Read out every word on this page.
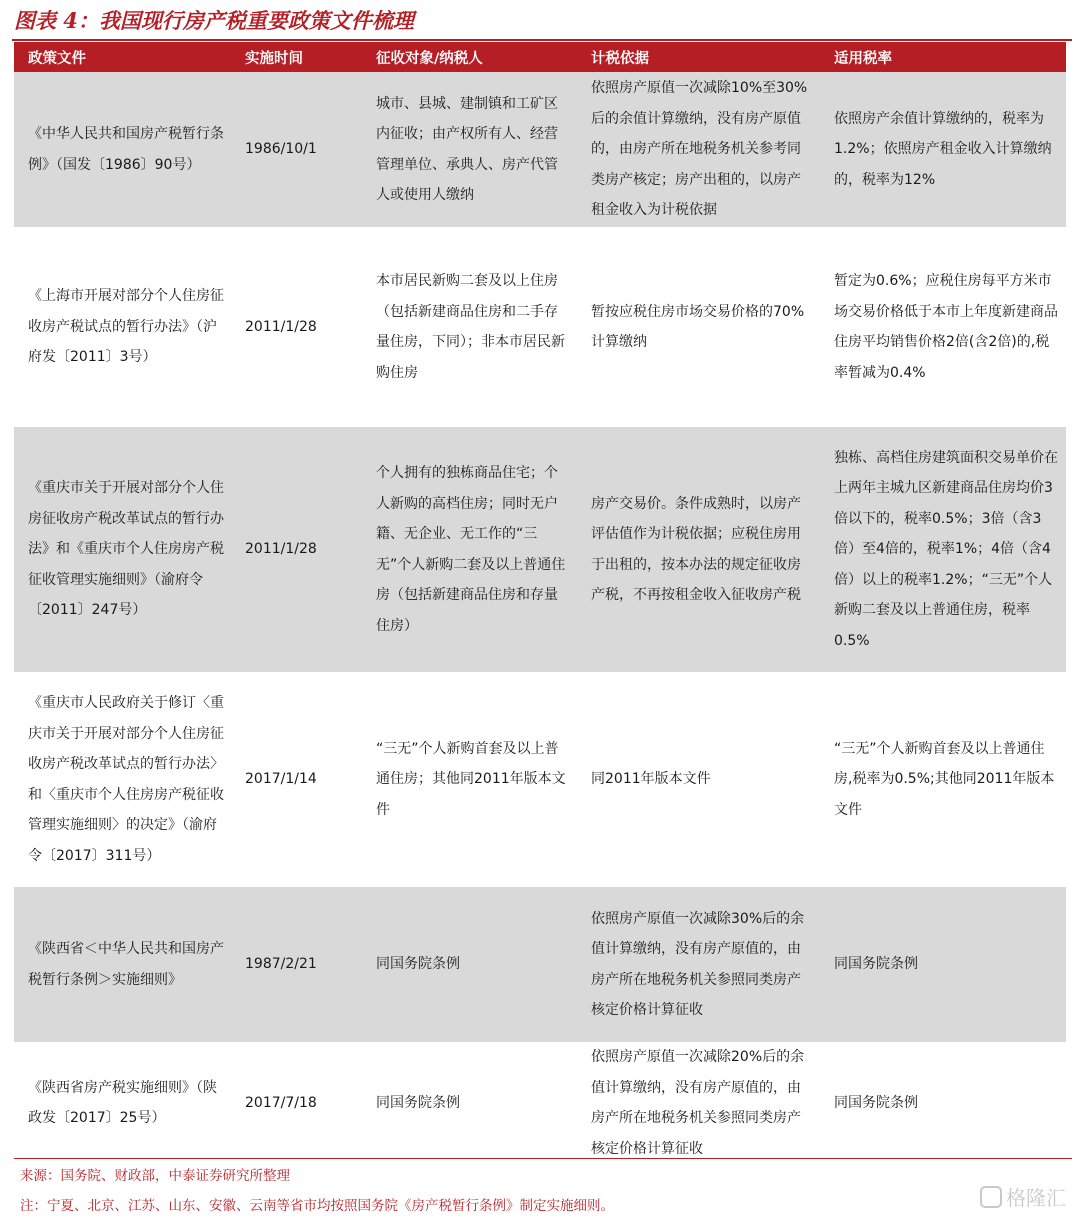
图表 4：我国现行房产税重要政策文件梳理
政策文件	实施时间	征收对象/纳税人	计税依据	适用税率
《中华人民共和国房产税暂行条例》（国发〔1986〕90号）	1986/10/1	城市、县城、建制镇和工矿区内征收；由产权所有人、经营管理单位、承典人、房产代管人或使用人缴纳	依照房产原值一次减除10%至30%后的余值计算缴纳，没有房产原值的，由房产所在地税务机关参考同类房产核定；房产出租的，以房产租金收入为计税依据	依照房产余值计算缴纳的，税率为1.2%；依照房产租金收入计算缴纳的，税率为12%
《上海市开展对部分个人住房征收房产税试点的暂行办法》（沪府发〔2011〕3号）	2011/1/28	本市居民新购二套及以上住房（包括新建商品住房和二手存量住房，下同）；非本市居民新购住房	暂按应税住房市场交易价格的70%计算缴纳	暂定为0.6%；应税住房每平方米市场交易价格低于本市上年度新建商品住房平均销售价格2倍(含2倍)的,税率暂减为0.4%
《重庆市关于开展对部分个人住房征收房产税改革试点的暂行办法》和《重庆市个人住房房产税征收管理实施细则》（渝府令〔2011〕247号）	2011/1/28	个人拥有的独栋商品住宅；个人新购的高档住房；同时无户籍、无企业、无工作的“三无”个人新购二套及以上普通住房（包括新建商品住房和存量住房）	房产交易价。条件成熟时，以房产评估值作为计税依据；应税住房用于出租的，按本办法的规定征收房产税，不再按租金收入征收房产税	独栋、高档住房建筑面积交易单价在上两年主城九区新建商品住房均价3倍以下的，税率0.5%；3倍（含3倍）至4倍的，税率1%；4倍（含4倍）以上的税率1.2%；“三无”个人新购二套及以上普通住房，税率0.5%
《重庆市人民政府关于修订〈重庆市关于开展对部分个人住房征收房产税改革试点的暂行办法〉和〈重庆市个人住房房产税征收管理实施细则〉的决定》（渝府令〔2017〕311号）	2017/1/14	“三无”个人新购首套及以上普通住房；其他同2011年版本文件	同2011年版本文件	“三无”个人新购首套及以上普通住房,税率为0.5%;其他同2011年版本文件
《陕西省＜中华人民共和国房产税暂行条例＞实施细则》	1987/2/21	同国务院条例	依照房产原值一次减除30%后的余值计算缴纳，没有房产原值的，由房产所在地税务机关参照同类房产核定价格计算征收	同国务院条例
《陕西省房产税实施细则》（陕政发〔2017〕25号）	2017/7/18	同国务院条例	依照房产原值一次减除20%后的余值计算缴纳，没有房产原值的，由房产所在地税务机关参照同类房产核定价格计算征收	同国务院条例
来源：国务院、财政部，中泰证券研究所整理
注：宁夏、北京、江苏、山东、安徽、云南等省市均按照国务院《房产税暂行条例》制定实施细则。	格隆汇
